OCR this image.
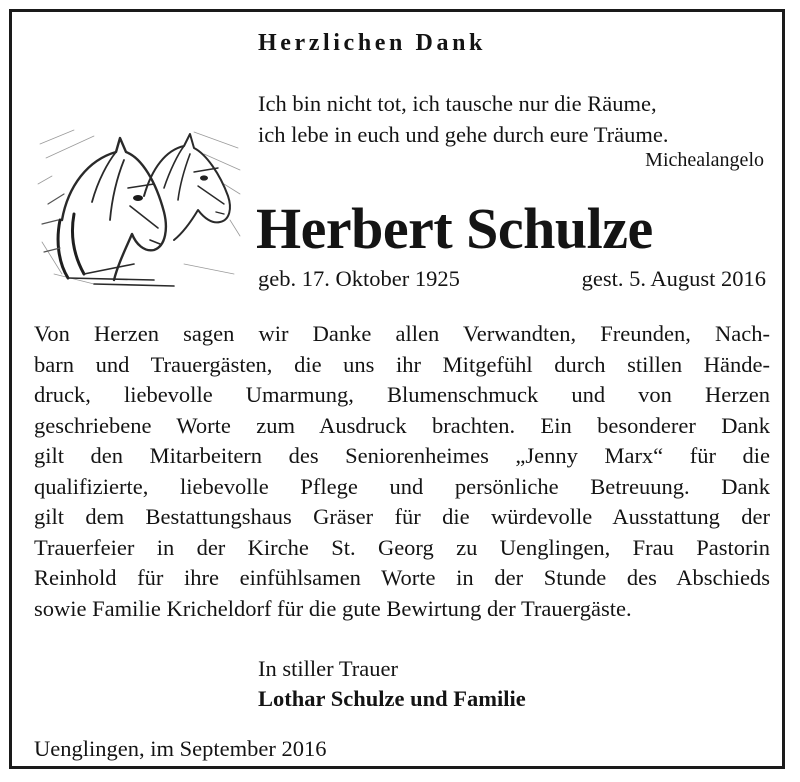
Herzlichen Dank
Ich bin nicht tot, ich tausche nur die Räume,
ich lebe in euch und gehe durch eure Träume.
Michealangelo
Herbert Schulze
geb. 17. Oktober 1925	gest. 5. August 2016
Von Herzen sagen wir Danke allen Verwandten, Freunden, Nach-
barn und Trauergästen, die uns ihr Mitgefühl durch stillen Hände-
druck, liebevolle Umarmung, Blumenschmuck und von Herzen
geschriebene Worte zum Ausdruck brachten. Ein besonderer Dank
gilt den Mitarbeitern des Seniorenheimes „Jenny Marx“ für die
qualifizierte, liebevolle Pflege und persönliche Betreuung. Dank
gilt dem Bestattungshaus Gräser für die würdevolle Ausstattung der
Trauerfeier in der Kirche St. Georg zu Uenglingen, Frau Pastorin
Reinhold für ihre einfühlsamen Worte in der Stunde des Abschieds
sowie Familie Kricheldorf für die gute Bewirtung der Trauergäste.
In stiller Trauer
Lothar Schulze und Familie
Uenglingen, im September 2016
